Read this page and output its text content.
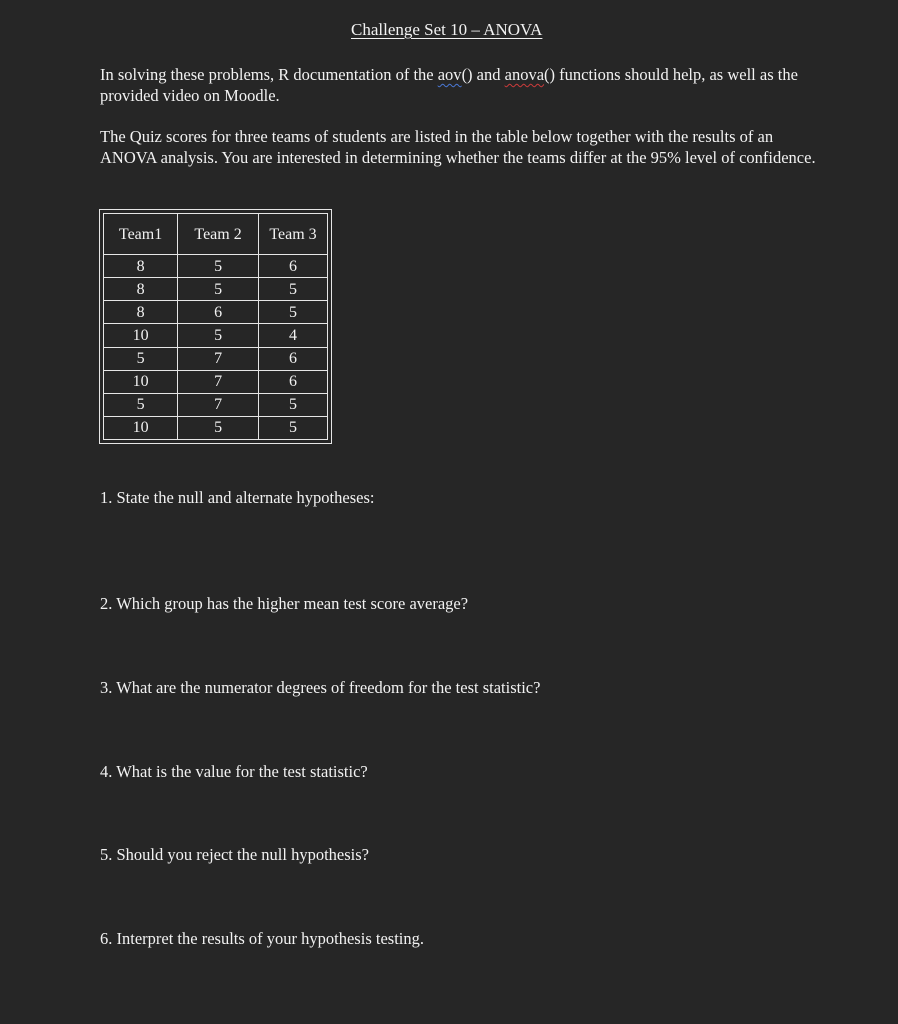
Challenge Set 10 – ANOVA
In solving these problems, R documentation of the aov() and anova() functions should help, as well as the provided video on Moodle.
The Quiz scores for three teams of students are listed in the table below together with the results of an ANOVA analysis. You are interested in determining whether the teams differ at the 95% level of confidence.
Team1	Team 2	Team 3
8	5	6
8	5	5
8	6	5
10	5	4
5	7	6
10	7	6
5	7	5
10	5	5
1. State the null and alternate hypotheses:
2. Which group has the higher mean test score average?
3. What are the numerator degrees of freedom for the test statistic?
4. What is the value for the test statistic?
5. Should you reject the null hypothesis?
6. Interpret the results of your hypothesis testing.
